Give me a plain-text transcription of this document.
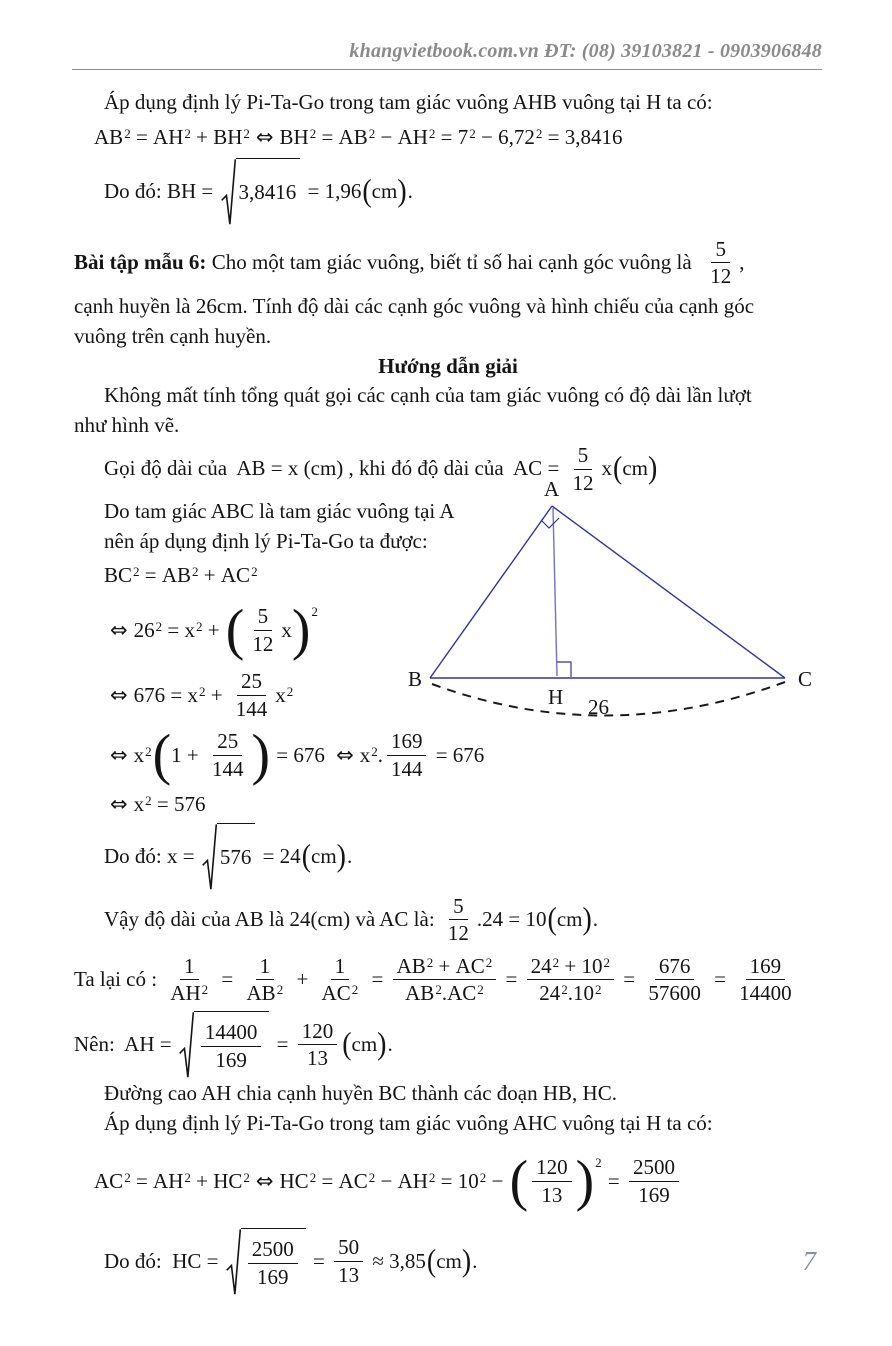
khangvietbook.com.vn ĐT: (08) 39103821 - 0903906848
Áp dụng định lý Pi-Ta-Go trong tam giác vuông AHB vuông tại H ta có:
$AB^2 = AH^2 + BH^2$ ⇔ $BH^2 = AB^2 - AH^2 = 7^2 - 6,72^2 = 3,8416$
Do đó: BH = 3,8416 = 1,96 ( cm ) .
Bài tập mẫu 6: Cho một tam giác vuông, biết tỉ số hai cạnh góc vuông là $\frac{5}{12}$ ,
cạnh huyền là 26cm. Tính độ dài các cạnh góc vuông và hình chiếu của cạnh góc
vuông trên cạnh huyền.
Hướng dẫn giải
Không mất tính tổng quát gọi các cạnh của tam giác vuông có độ dài lần lượt
như hình vẽ.
Gọi độ dài của  AB = x (cm) , khi đó độ dài của  AC = $\frac{5}{12}$ x ( cm )
Do tam giác ABC là tam giác vuông tại A
nên áp dụng định lý Pi-Ta-Go ta được:
$BC^2 = AB^2 + AC^2$
⇔ $26^2 = x^2$ + ( $\frac{5}{12}$ x ) 2
⇔ $676 = x^2 + \frac{25}{144} x^2$
⇔ $x^2$ ( $1 + \frac{25}{144}$ ) = 676 ⇔ $x^2$ . $\frac{169}{144} = 676$
⇔ $x^2 = 576$
Do đó: x = 576 = 24 ( cm ) .
Vậy độ dài của AB là 24(cm) và AC là: $\frac{5}{12} .24 = 10$ ( cm ) .
Ta lại có : $\frac{1}{AH^2} = \frac{1}{AB^2} + \frac{1}{AC^2} = \frac{AB^2 + AC^2}{AB^2 . AC^2} = \frac{24^2 + 10^2}{24^2 . 10^2} = \frac{676}{57600} = \frac{169}{14400}$
Nên:  AH = $\frac{14400}{169} = \frac{120}{13}$ ( cm ) .
Đường cao AH chia cạnh huyền BC thành các đoạn HB, HC.
Áp dụng định lý Pi-Ta-Go trong tam giác vuông AHC vuông tại H ta có:
$AC^2 = AH^2 + HC^2$ ⇔ $HC^2 = AC^2 - AH^2 = 10^2$ − ( $\frac{120}{13}$ ) 2
= $\frac{2500}{169}$
Do đó:  HC = $\frac{2500}{169} = \frac{50}{13} \approx 3,85$ ( cm ) .
A
B	C
H 26
7
